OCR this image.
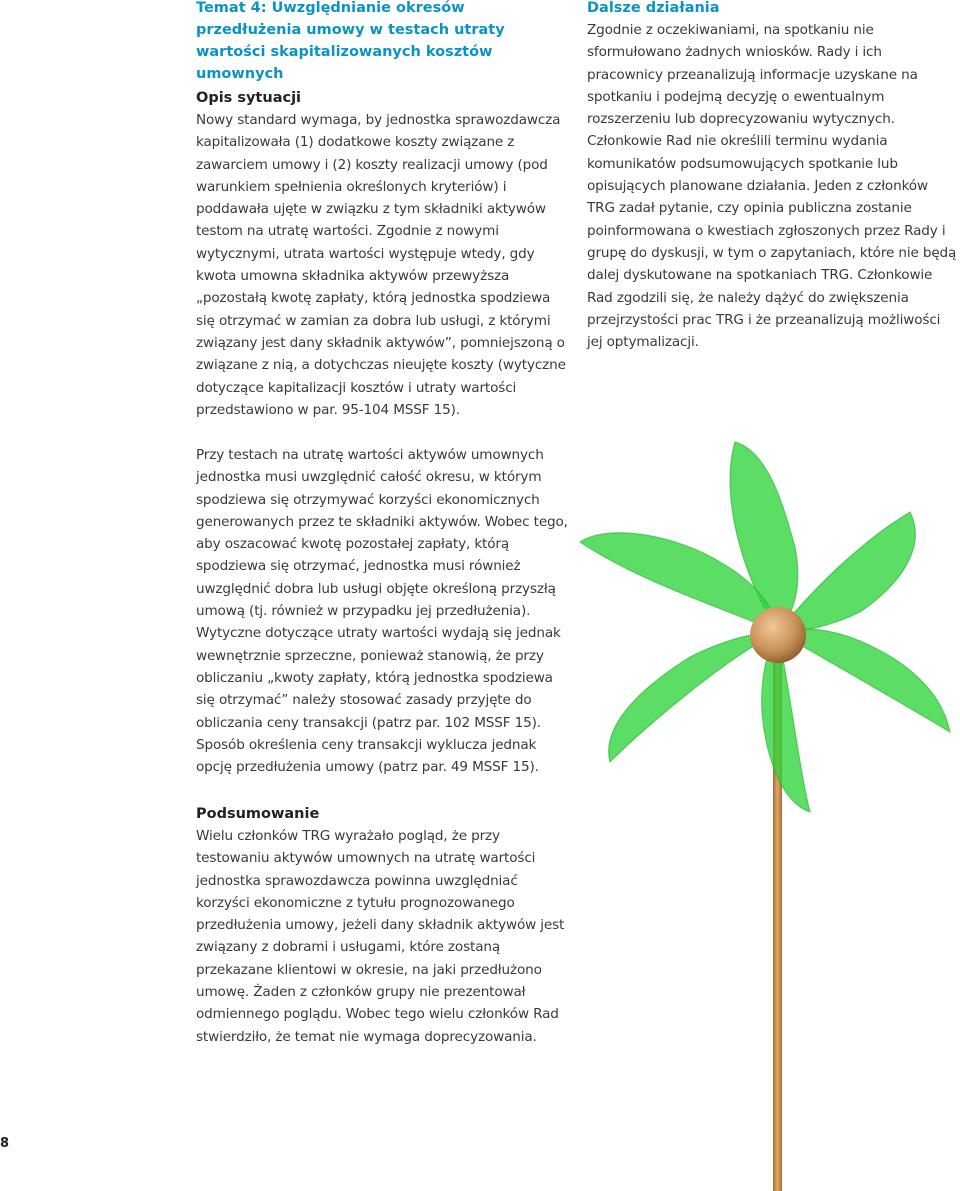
Temat 4: Uwzględnianie okresów przedłużenia umowy w testach utraty wartości skapitalizowanych kosztów umownych
Opis sytuacji

Nowy standard wymaga, by jednostka sprawozdawcza kapitalizowała (1) dodatkowe koszty związane z zawarciem umowy i (2) koszty realizacji umowy (pod warunkiem spełnienia określonych kryteriów) i poddawała ujęte w związku z tym składniki aktywów testom na utratę wartości. Zgodnie z nowymi wytycznymi, utrata wartości występuje wtedy, gdy kwota umowna składnika aktywów przewyższa „pozostałą kwotę zapłaty, którą jednostka spodziewa się otrzymać w zamian za dobra lub usługi, z którymi związany jest dany składnik aktywów”, pomniejszoną o związane z nią, a dotychczas nieujęte koszty (wytyczne dotyczące kapitalizacji kosztów i utraty wartości przedstawiono w par. 95-104 MSSF 15).

Przy testach na utratę wartości aktywów umownych jednostka musi uwzględnić całość okresu, w którym spodziewa się otrzymywać korzyści ekonomicznych generowanych przez te składniki aktywów. Wobec tego, aby oszacować kwotę pozostałej zapłaty, którą spodziewa się otrzymać, jednostka musi również uwzględnić dobra lub usługi objęte określoną przyszłą umową (tj. również w przypadku jej przedłużenia). Wytyczne dotyczące utraty wartości wydają się jednak wewnętrznie sprzeczne, ponieważ stanowią, że przy obliczaniu „kwoty zapłaty, którą jednostka spodziewa się otrzymać” należy stosować zasady przyjęte do obliczania ceny transakcji (patrz par. 102 MSSF 15). Sposób określenia ceny transakcji wyklucza jednak opcję przedłużenia umowy (patrz par. 49 MSSF 15).

Podsumowanie

Wielu członków TRG wyrażało pogląd, że przy testowaniu aktywów umownych na utratę wartości jednostka sprawozdawcza powinna uwzględniać korzyści ekonomiczne z tytułu prognozowanego przedłużenia umowy, jeżeli dany składnik aktywów jest związany z dobrami i usługami, które zostaną przekazane klientowi w okresie, na jaki przedłużono umowę. Żaden z członków grupy nie prezentował odmiennego poglądu. Wobec tego wielu członków Rad stwierdziło, że temat nie wymaga doprecyzowania.

Dalsze działania

Zgodnie z oczekiwaniami, na spotkaniu nie sformułowano żadnych wniosków. Rady i ich pracownicy przeanalizują informacje uzyskane na spotkaniu i podejmą decyzję o ewentualnym rozszerzeniu lub doprecyzowaniu wytycznych. Członkowie Rad nie określili terminu wydania komunikatów podsumowujących spotkanie lub opisujących planowane działania. Jeden z członków TRG zadał pytanie, czy opinia publiczna zostanie poinformowana o kwestiach zgłoszonych przez Rady i grupę do dyskusji, w tym o zapytaniach, które nie będą dalej dyskutowane na spotkaniach TRG. Członkowie Rad zgodzili się, że należy dążyć do zwiększenia przejrzystości prac TRG i że przeanalizują możliwości jej optymalizacji.

8
